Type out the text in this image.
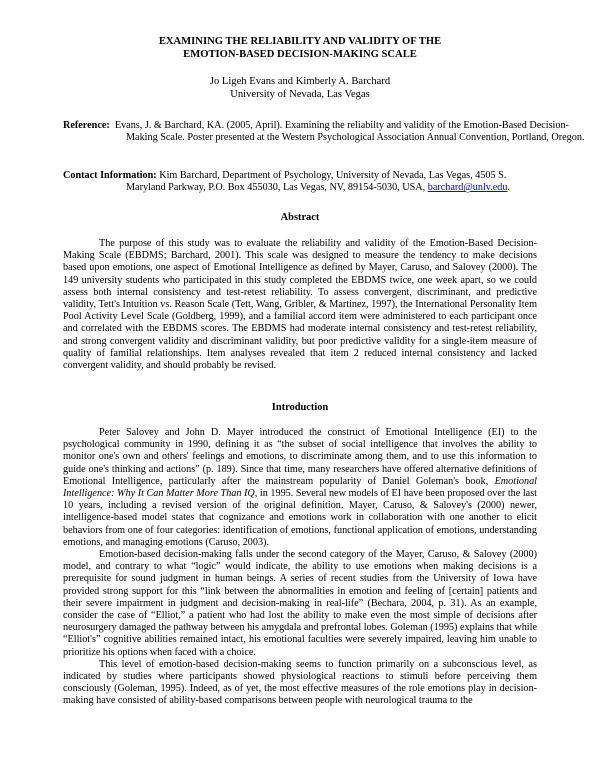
EXAMINING THE RELIABILITY AND VALIDITY OF THE
EMOTION-BASED DECISION-MAKING SCALE
Jo Ligeh Evans and Kimberly A. Barchard
University of Nevada, Las Vegas
Reference: Evans, J. & Barchard, KA. (2005, April). Examining the reliabilty and validity of the Emotion-Based Decision-Making Scale. Poster presented at the Western Psychological Association Annual Convention, Portland, Oregon.
Contact Information: Kim Barchard, Department of Psychology, University of Nevada, Las Vegas, 4505 S.
Maryland Parkway, P.O. Box 455030, Las Vegas, NV, 89154-5030, USA, barchard@unlv.edu.
Abstract

The purpose of this study was to evaluate the reliability and validity of the Emotion-Based Decision-Making Scale (EBDMS; Barchard, 2001). This scale was designed to measure the tendency to make decisions based upon emotions, one aspect of Emotional Intelligence as defined by Mayer, Caruso, and Salovey (2000). The 149 university students who participated in this study completed the EBDMS twice, one week apart, so we could assess both internal consistency and test-retest reliability. To assess convergent, discriminant, and predictive validity, Tett's Intuition vs. Reason Scale (Tett, Wang, Gribler, & Martinez, 1997), the International Personality Item Pool Activity Level Scale (Goldberg, 1999), and a familial accord item were administered to each participant once and correlated with the EBDMS scores. The EBDMS had moderate internal consistency and test-retest reliability, and strong convergent validity and discriminant validity, but poor predictive validity for a single-item measure of quality of familial relationships. Item analyses revealed that item 2 reduced internal consistency and lacked convergent validity, and should probably be revised.

Introduction

Peter Salovey and John D. Mayer introduced the construct of Emotional Intelligence (EI) to the psychological community in 1990, defining it as “the subset of social intelligence that involves the ability to monitor one's own and others' feelings and emotions, to discriminate among them, and to use this information to guide one's thinking and actions” (p. 189). Since that time, many researchers have offered alternative definitions of Emotional Intelligence, particularly after the mainstream popularity of Daniel Goleman's book, Emotional Intelligence: Why It Can Matter More Than IQ, in 1995. Several new models of EI have been proposed over the last 10 years, including a revised version of the original definition. Mayer, Caruso, & Salovey's (2000) newer, intelligence-based model states that cognizance and emotions work in collaboration with one another to elicit behaviors from one of four categories: identification of emotions, functional application of emotions, understanding emotions, and managing emotions (Caruso, 2003).

Emotion-based decision-making falls under the second category of the Mayer, Caruso, & Salovey (2000) model, and contrary to what “logic” would indicate, the ability to use emotions when making decisions is a prerequisite for sound judgment in human beings. A series of recent studies from the University of Iowa have provided strong support for this “link between the abnormalities in emotion and feeling of [certain] patients and their severe impairment in judgment and decision-making in real-life” (Bechara, 2004, p. 31). As an example, consider the case of “Elliot,” a patient who had lost the ability to make even the most simple of decisions after neurosurgery damaged the pathway between his amygdala and prefrontal lobes. Goleman (1995) explains that while “Elliot's” cognitive abilities remained intact, his emotional faculties were severely impaired, leaving him unable to prioritize his options when faced with a choice.

This level of emotion-based decision-making seems to function primarily on a subconscious level, as indicated by studies where participants showed physiological reactions to stimuli before perceiving them consciously (Goleman, 1995). Indeed, as of yet, the most effective measures of the role emotions play in decision-making have consisted of ability-based comparisons between people with neurological trauma to the
